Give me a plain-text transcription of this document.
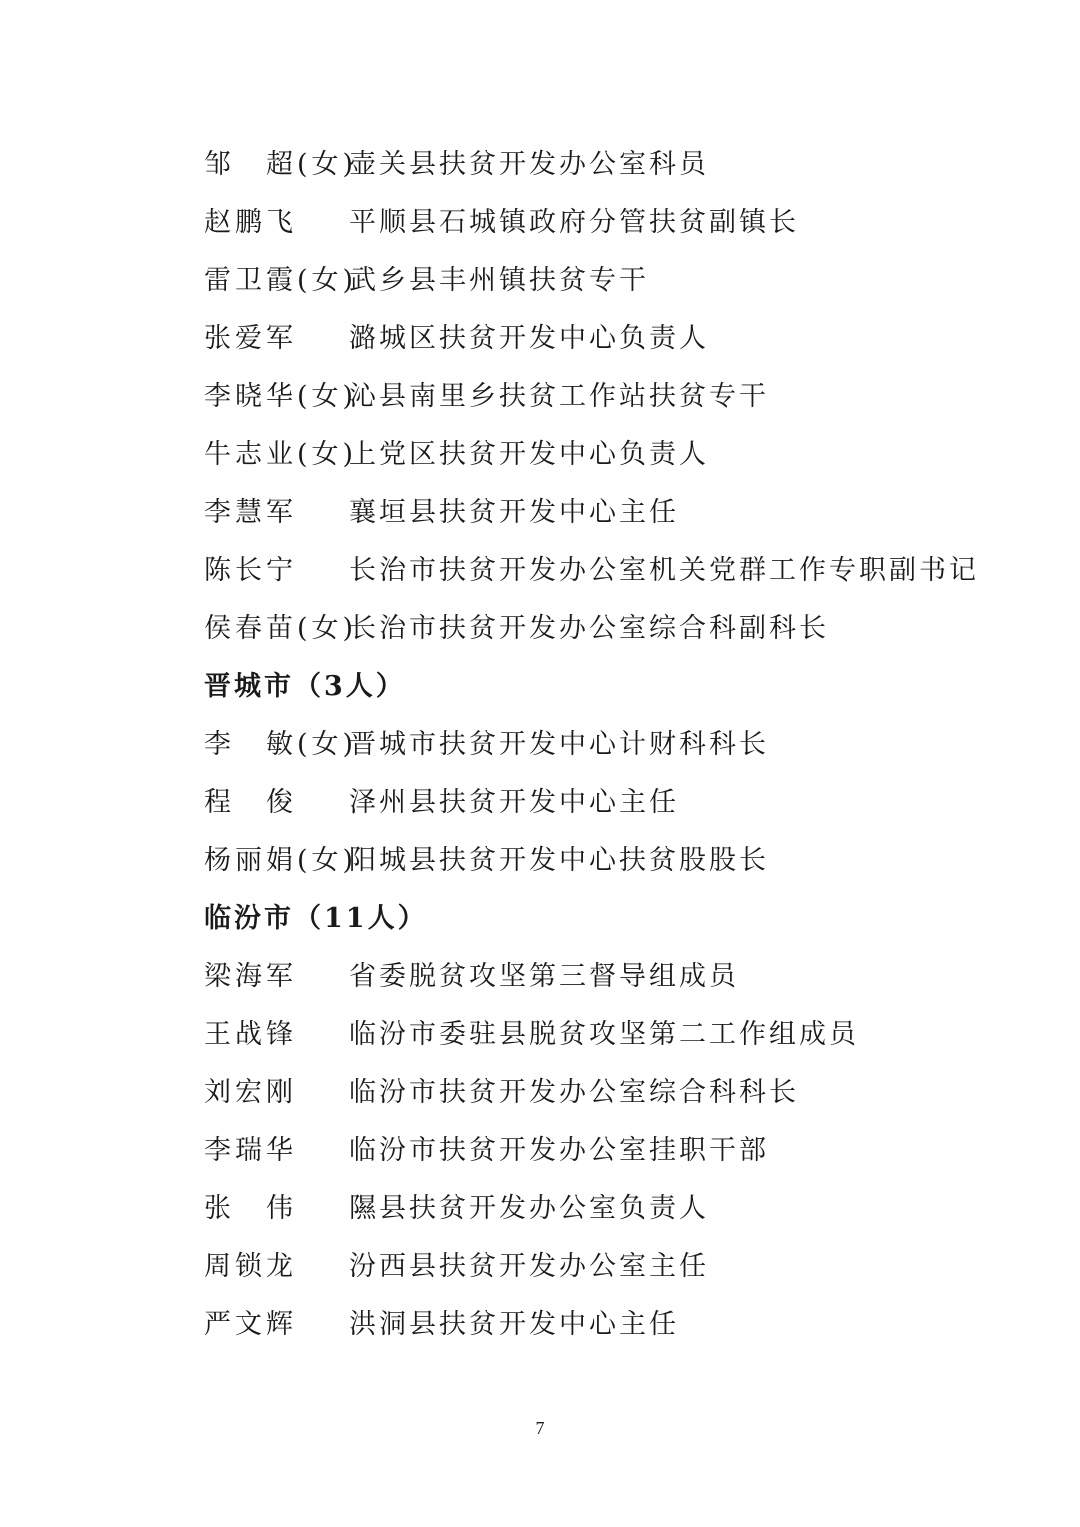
邹　超(女)
壶关县扶贫开发办公室科员
赵鹏飞 平顺县石城镇政府分管扶贫副镇长
雷卫霞(女)
武乡县丰州镇扶贫专干
张爱军 潞城区扶贫开发中心负责人
李晓华(女)
沁县南里乡扶贫工作站扶贫专干
牛志业(女)
上党区扶贫开发中心负责人
李慧军 襄垣县扶贫开发中心主任
陈长宁 长治市扶贫开发办公室机关党群工作专职副书记
侯春苗(女)
长治市扶贫开发办公室综合科副科长
晋城市（3人）
李　敏(女)
晋城市扶贫开发中心计财科科长
程　俊 泽州县扶贫开发中心主任
杨丽娟(女)
阳城县扶贫开发中心扶贫股股长
临汾市（11人）
梁海军 省委脱贫攻坚第三督导组成员
王战锋 临汾市委驻县脱贫攻坚第二工作组成员
刘宏刚 临汾市扶贫开发办公室综合科科长
李瑞华 临汾市扶贫开发办公室挂职干部
张　伟 隰县扶贫开发办公室负责人
周锁龙 汾西县扶贫开发办公室主任
严文辉 洪洞县扶贫开发中心主任
7
